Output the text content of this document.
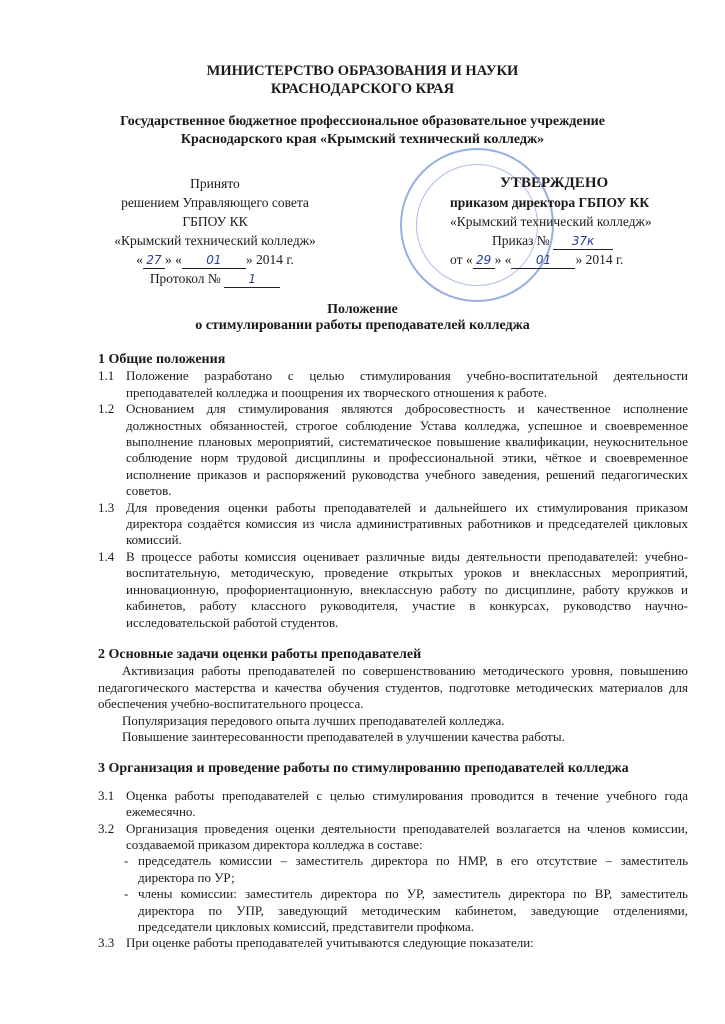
МИНИСТЕРСТВО ОБРАЗОВАНИЯ И НАУКИ
КРАСНОДАРСКОГО КРАЯ
Государственное бюджетное профессиональное образовательное учреждение
Краснодарского края «Крымский технический колледж»
Принято
решением Управляющего совета ГБПОУ КК
«Крымский технический колледж»
« 27 » « 01 » 2014 г.
Протокол № 1
УТВЕРЖДЕНО
приказом директора ГБПОУ КК
«Крымский технический колледж»
Приказ № 37к
от « 29 » « 01 » 2014 г.
Положение
о стимулировании работы преподавателей колледжа

1 Общие положения

1.1 Положение разработано с целью стимулирования учебно-воспитательной деятельности преподавателей колледжа и поощрения их творческого отношения к работе.

1.2 Основанием для стимулирования являются добросовестность и качественное исполнение должностных обязанностей, строгое соблюдение Устава колледжа, успешное и своевременное выполнение плановых мероприятий, систематическое повышение квалификации, неукоснительное соблюдение норм трудовой дисциплины и профессиональной этики, чёткое и своевременное исполнение приказов и распоряжений руководства учебного заведения, решений педагогических советов.

1.3 Для проведения оценки работы преподавателей и дальнейшего их стимулирования приказом директора создаётся комиссия из числа административных работников и председателей цикловых комиссий.

1.4 В процессе работы комиссия оценивает различные виды деятельности преподавателей: учебно-воспитательную, методическую, проведение открытых уроков и внеклассных мероприятий, инновационную, профориентационную, внеклассную работу по дисциплине, работу кружков и кабинетов, работу классного руководителя, участие в конкурсах, руководство научно-исследовательской работой студентов.

2 Основные задачи оценки работы преподавателей

Активизация работы преподавателей по совершенствованию методического уровня, повышению педагогического мастерства и качества обучения студентов, подготовке методических материалов для обеспечения учебно-воспитательного процесса.

Популяризация передового опыта лучших преподавателей колледжа.

Повышение заинтересованности преподавателей в улучшении качества работы.

3 Организация и проведение работы по стимулированию преподавателей колледжа

3.1 Оценка работы преподавателей с целью стимулирования проводится в течение учебного года ежемесячно.

3.2 Организация проведения оценки деятельности преподавателей возлагается на членов комиссии, создаваемой приказом директора колледжа в составе:

- председатель комиссии – заместитель директора по НМР, в его отсутствие – заместитель директора по УР;

- члены комиссии: заместитель директора по УР, заместитель директора по ВР, заместитель директора по УПР, заведующий методическим кабинетом, заведующие отделениями, председатели цикловых комиссий, представители профкома.

3.3 При оценке работы преподавателей учитываются следующие показатели:
